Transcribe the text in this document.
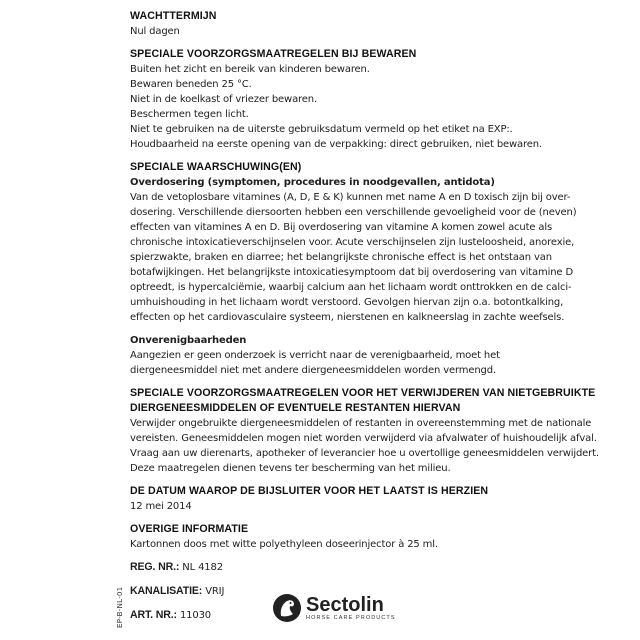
WACHTTERMIJN

Nul dagen

SPECIALE VOORZORGSMAATREGELEN BIJ BEWAREN
Buiten het zicht en bereik van kinderen bewaren.
Bewaren beneden 25 °C.
Niet in de koelkast of vriezer bewaren.
Beschermen tegen licht.
Niet te gebruiken na de uiterste gebruiksdatum vermeld op het etiket na EXP:.
Houdbaarheid na eerste opening van de verpakking: direct gebruiken, niet bewaren.
SPECIALE WAARSCHUWING(EN)
Overdosering (symptomen, procedures in noodgevallen, antidota)
Van de vetoplosbare vitamines (A, D, E & K) kunnen met name A en D toxisch zijn bij over-
dosering. Verschillende diersoorten hebben een verschillende gevoeligheid voor de (neven)
effecten van vitamines A en D. Bij overdosering van vitamine A komen zowel acute als
chronische intoxicatieverschijnselen voor. Acute verschijnselen zijn lusteloosheid, anorexie,
spierzwakte, braken en diarree; het belangrijkste chronische effect is het ontstaan van
botafwijkingen. Het belangrijkste intoxicatiesymptoom dat bij overdosering van vitamine D
optreedt, is hypercalciëmie, waarbij calcium aan het lichaam wordt onttrokken en de calci-
umhuishouding in het lichaam wordt verstoord. Gevolgen hiervan zijn o.a. botontkalking,
effecten op het cardiovasculaire systeem, nierstenen en kalkneerslag in zachte weefsels.
Onverenigbaarheden
Aangezien er geen onderzoek is verricht naar de verenigbaarheid, moet het
diergeneesmiddel niet met andere diergeneesmiddelen worden vermengd.
SPECIALE VOORZORGSMAATREGELEN VOOR HET VERWIJDEREN VAN NIETGEBRUIKTE
DIERGENEESMIDDELEN OF EVENTUELE RESTANTEN HIERVAN
Verwijder ongebruikte diergeneesmiddelen of restanten in overeenstemming met de nationale
vereisten. Geneesmiddelen mogen niet worden verwijderd via afvalwater of huishoudelijk afval.
Vraag aan uw dierenarts, apotheker of leverancier hoe u overtollige geneesmiddelen verwijdert.
Deze maatregelen dienen tevens ter bescherming van het milieu.
DE DATUM WAAROP DE BIJSLUITER VOOR HET LAATST IS HERZIEN

12 mei 2014

OVERIGE INFORMATIE

Kartonnen doos met witte polyethyleen doseerinjector à 25 ml.

REG. NR.: NL 4182
KANALISATIE: VRIJ
ART. NR.: 11030
EP-B-NL-01	Sectolin
HORSE CARE PRODUCTS
